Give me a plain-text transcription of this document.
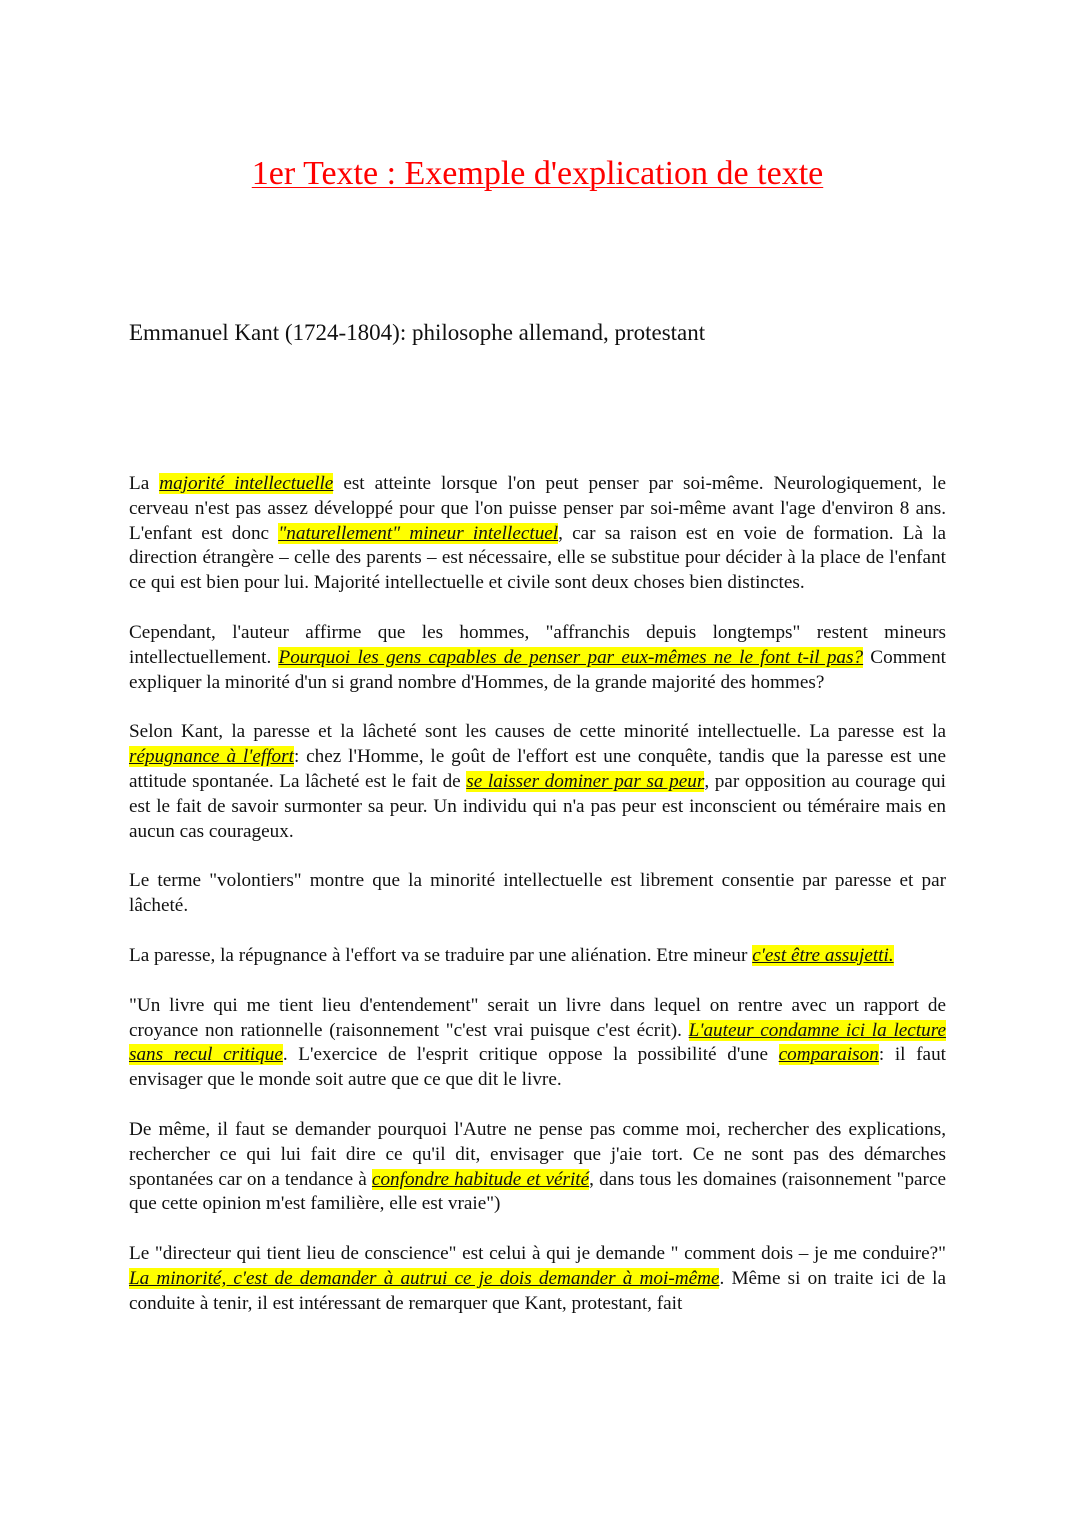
1er Texte : Exemple d'explication de texte

Emmanuel Kant (1724-1804): philosophe allemand, protestant

La majorité intellectuelle est atteinte lorsque l'on peut penser par soi-même. Neurologiquement, le cerveau n'est pas assez développé pour que l'on puisse penser par soi-même avant l'age d'environ 8 ans. L'enfant est donc "naturellement" mineur intellectuel, car sa raison est en voie de formation. Là la direction étrangère – celle des parents – est nécessaire, elle se substitue pour décider à la place de l'enfant ce qui est bien pour lui. Majorité intellectuelle et civile sont deux choses bien distinctes.

Cependant, l'auteur affirme que les hommes, "affranchis depuis longtemps" restent mineurs intellectuellement. Pourquoi les gens capables de penser par eux-mêmes ne le font t-il pas? Comment expliquer la minorité d'un si grand nombre d'Hommes, de la grande majorité des hommes?

Selon Kant, la paresse et la lâcheté sont les causes de cette minorité intellectuelle. La paresse est la répugnance à l'effort: chez l'Homme, le goût de l'effort est une conquête, tandis que la paresse est une attitude spontanée. La lâcheté est le fait de se laisser dominer par sa peur, par opposition au courage qui est le fait de savoir surmonter sa peur. Un individu qui n'a pas peur est inconscient ou téméraire mais en aucun cas courageux.

Le terme "volontiers" montre que la minorité intellectuelle est librement consentie par paresse et par lâcheté.

La paresse, la répugnance à l'effort va se traduire par une aliénation. Etre mineur c'est être assujetti.

"Un livre qui me tient lieu d'entendement" serait un livre dans lequel on rentre avec un rapport de croyance non rationnelle (raisonnement "c'est vrai puisque c'est écrit). L'auteur condamne ici la lecture sans recul critique. L'exercice de l'esprit critique oppose la possibilité d'une comparaison: il faut envisager que le monde soit autre que ce que dit le livre.

De même, il faut se demander pourquoi l'Autre ne pense pas comme moi, rechercher des explications, rechercher ce qui lui fait dire ce qu'il dit, envisager que j'aie tort. Ce ne sont pas des démarches spontanées car on a tendance à confondre habitude et vérité, dans tous les domaines (raisonnement "parce que cette opinion m'est familière, elle est vraie")

Le "directeur qui tient lieu de conscience" est celui à qui je demande " comment dois – je me conduire?" La minorité, c'est de demander à autrui ce je dois demander à moi-même. Même si on traite ici de la conduite à tenir, il est intéressant de remarquer que Kant, protestant, fait
